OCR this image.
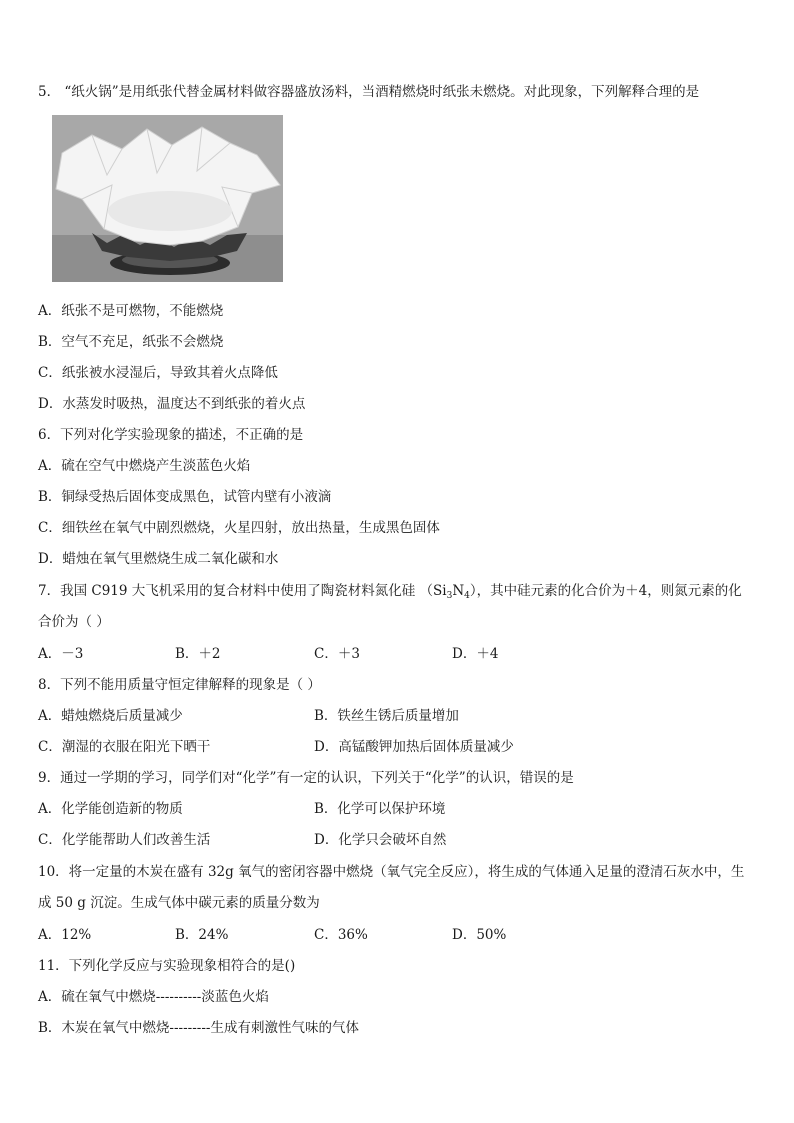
5． “纸火锅”是用纸张代替金属材料做容器盛放汤料，当酒精燃烧时纸张未燃烧。对此现象，下列解释合理的是
A．纸张不是可燃物，不能燃烧
B．空气不充足，纸张不会燃烧
C．纸张被水浸湿后，导致其着火点降低
D．水蒸发时吸热，温度达不到纸张的着火点
6．下列对化学实验现象的描述，不正确的是
A．硫在空气中燃烧产生淡蓝色火焰
B．铜绿受热后固体变成黑色，试管内壁有小液滴
C．细铁丝在氧气中剧烈燃烧，火星四射，放出热量，生成黑色固体
D．蜡烛在氧气里燃烧生成二氧化碳和水
7．我国 C919 大飞机采用的复合材料中使用了陶瓷材料氮化硅 $(Si_3N_4)$，其中硅元素的化合价为＋4，则氮元素的化
合价为（ ）
A．－3	B．＋2	C．＋3	D．＋4
8．下列不能用质量守恒定律解释的现象是（ ）
A．蜡烛燃烧后质量减少	B．铁丝生锈后质量增加
C．潮湿的衣服在阳光下晒干	D．高锰酸钾加热后固体质量减少
9．通过一学期的学习，同学们对“化学”有一定的认识，下列关于“化学”的认识，错误的是
A．化学能创造新的物质	B．化学可以保护环境
C．化学能帮助人们改善生活	D．化学只会破坏自然
10．将一定量的木炭在盛有 32g 氧气的密闭容器中燃烧（氧气完全反应），将生成的气体通入足量的澄清石灰水中，生
成 50 g 沉淀。生成气体中碳元素的质量分数为
A．12%	B．24%	C．36%	D．50%
11．下列化学反应与实验现象相符合的是()
A．硫在氧气中燃烧----------淡蓝色火焰
B．木炭在氧气中燃烧---------生成有刺激性气味的气体
